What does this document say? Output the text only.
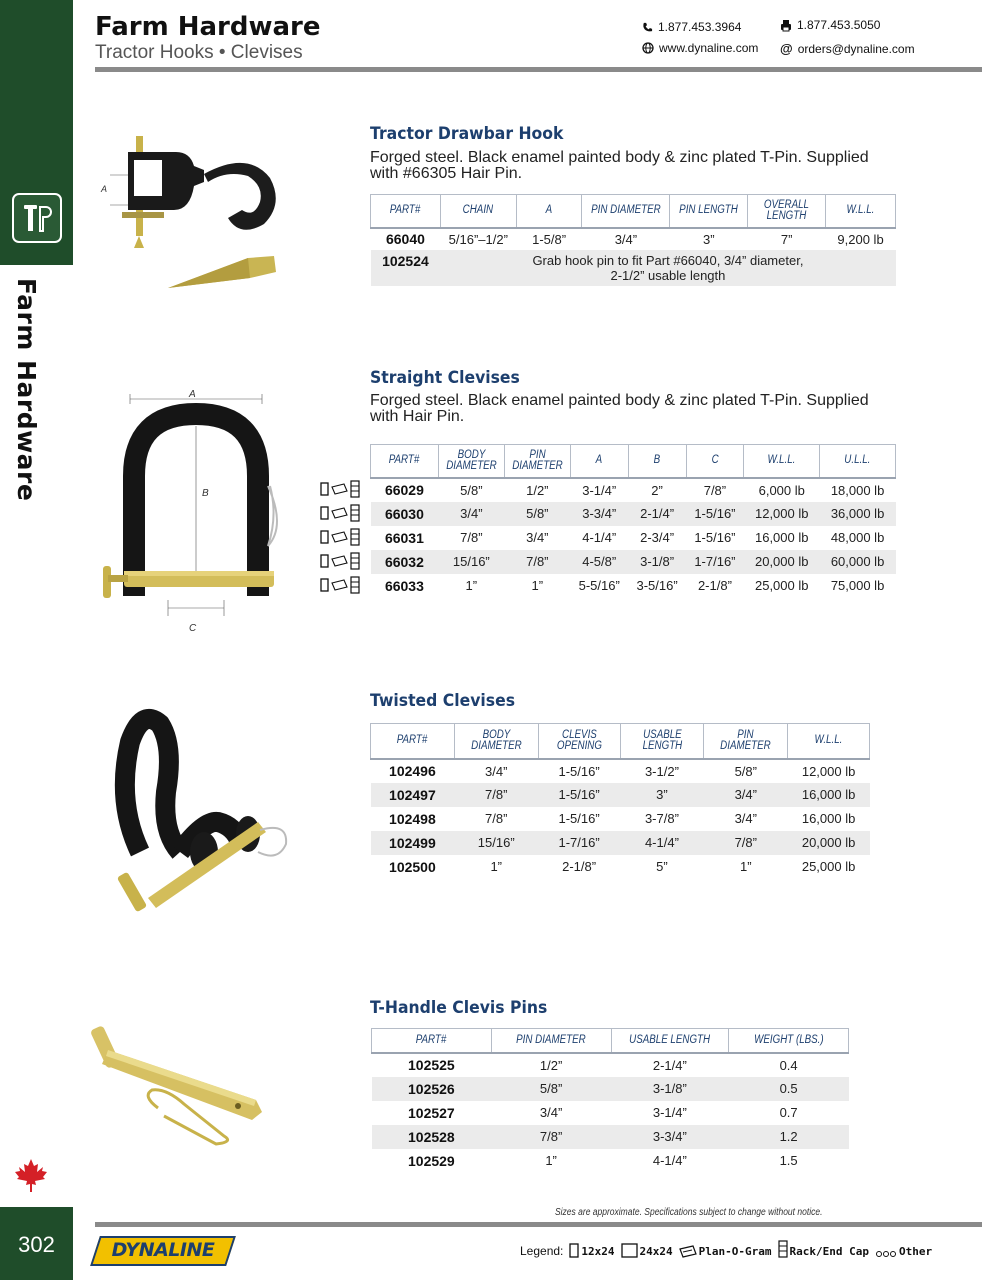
Farm Hardware
302
Farm Hardware
Tractor Hooks • Clevises
1.877.453.3964	1.877.453.5050
www.dynaline.com @ orders@dynaline.com
A
Tractor Drawbar Hook
Forged steel. Black enamel painted body & zinc plated T-Pin. Supplied with #66305 Hair Pin.
PART#	CHAIN	A	PIN DIAMETER	PIN LENGTH	OVERALL LENGTH	W.L.L.
66040	5/16”–1/2”	1-5/8”	3/4”	3”	7”	9,200 lb
102524	Grab hook pin to fit Part #66040, 3/4” diameter,
2-1/2” usable length					
A
B
C
Straight Clevises
Forged steel. Black enamel painted body & zinc plated T-Pin. Supplied with Hair Pin.
PART#	BODY DIAMETER	PIN DIAMETER	A	B	C	W.L.L.	U.L.L.
66029	5/8”	1/2”	3-1/4”	2”	7/8”	6,000 lb	18,000 lb
66030	3/4”	5/8”	3-3/4”	2-1/4”	1-5/16”	12,000 lb	36,000 lb
66031	7/8”	3/4”	4-1/4”	2-3/4”	1-5/16”	16,000 lb	48,000 lb
66032	15/16”	7/8”	4-5/8”	3-1/8”	1-7/16”	20,000 lb	60,000 lb
66033	1”	1”	5-5/16”	3-5/16”	2-1/8”	25,000 lb	75,000 lb
Twisted Clevises
PART#	BODY DIAMETER	CLEVIS OPENING	USABLE LENGTH	PIN DIAMETER	W.L.L.
102496	3/4”	1-5/16”	3-1/2”	5/8”	12,000 lb
102497	7/8”	1-5/16”	3”	3/4”	16,000 lb
102498	7/8”	1-5/16”	3-7/8”	3/4”	16,000 lb
102499	15/16”	1-7/16”	4-1/4”	7/8”	20,000 lb
102500	1”	2-1/8”	5”	1”	25,000 lb
T-Handle Clevis Pins
PART#	PIN DIAMETER	USABLE LENGTH	WEIGHT (LBS.)
102525	1/2”	2-1/4”	0.4
102526	5/8”	3-1/8”	0.5
102527	3/4”	3-1/4”	0.7
102528	7/8”	3-3/4”	1.2
102529	1”	4-1/4”	1.5
Sizes are approximate. Specifications subject to change without notice.
DYNALINE	Legend: 12x24 24x24 Plan-O-Gram Rack/End Cap	Other
